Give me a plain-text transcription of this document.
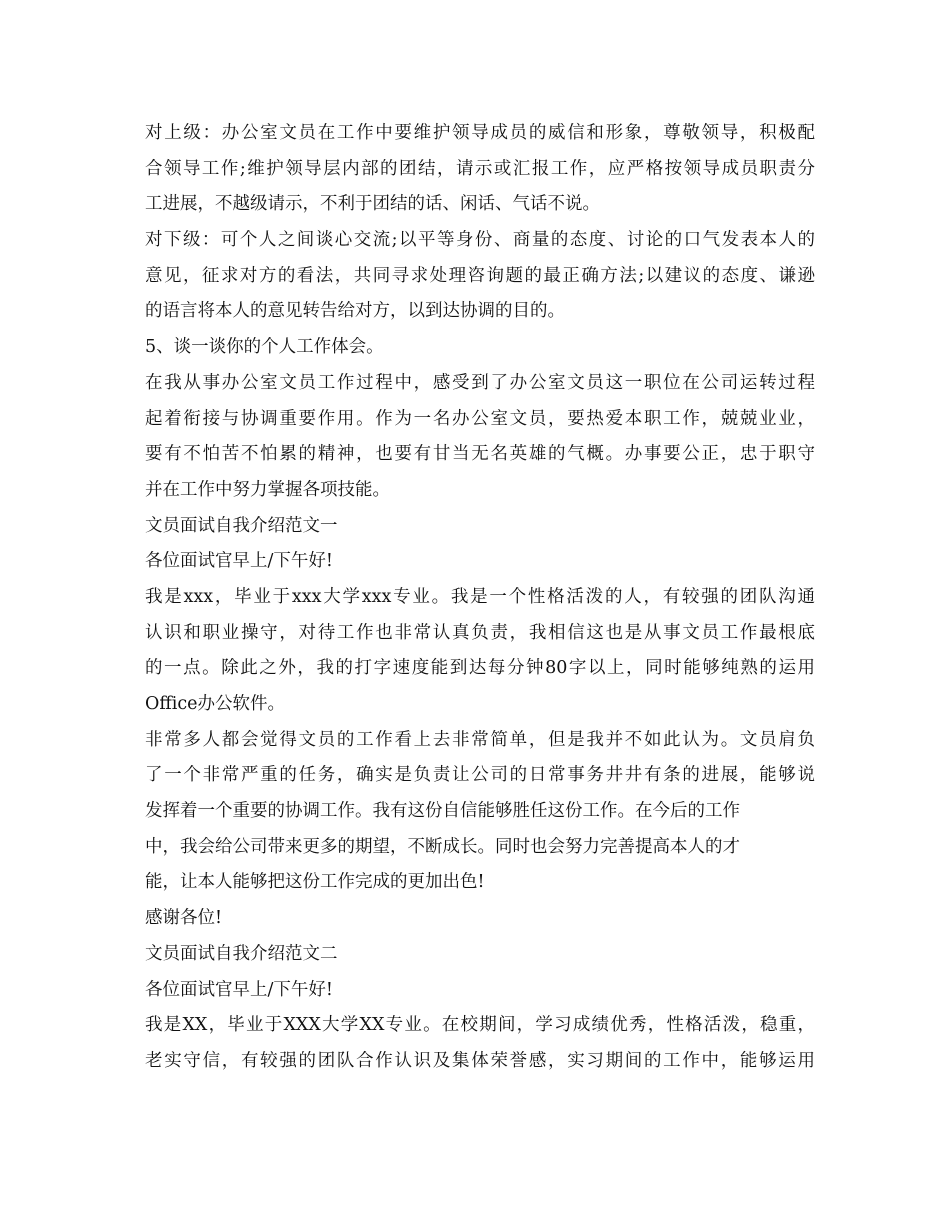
对上级：办公室文员在工作中要维护领导成员的威信和形象，尊敬领导，积极配
合领导工作;维护领导层内部的团结，请示或汇报工作，应严格按领导成员职责分
工进展，不越级请示，不利于团结的话、闲话、气话不说。
对下级：可个人之间谈心交流;以平等身份、商量的态度、讨论的口气发表本人的
意见，征求对方的看法，共同寻求处理咨询题的最正确方法;以建议的态度、谦逊
的语言将本人的意见转告给对方，以到达协调的目的。
5、谈一谈你的个人工作体会。
在我从事办公室文员工作过程中，感受到了办公室文员这一职位在公司运转过程
起着衔接与协调重要作用。作为一名办公室文员，要热爱本职工作，兢兢业业，
要有不怕苦不怕累的精神，也要有甘当无名英雄的气概。办事要公正，忠于职守
并在工作中努力掌握各项技能。
文员面试自我介绍范文一
各位面试官早上/下午好!
我是xxx，毕业于xxx大学xxx专业。我是一个性格活泼的人，有较强的团队沟通
认识和职业操守，对待工作也非常认真负责，我相信这也是从事文员工作最根底
的一点。除此之外，我的打字速度能到达每分钟80字以上，同时能够纯熟的运用
Office办公软件。
非常多人都会觉得文员的工作看上去非常简单，但是我并不如此认为。文员肩负
了一个非常严重的任务，确实是负责让公司的日常事务井井有条的进展，能够说
发挥着一个重要的协调工作。我有这份自信能够胜任这份工作。在今后的工作
中，我会给公司带来更多的期望，不断成长。同时也会努力完善提高本人的才
能，让本人能够把这份工作完成的更加出色!
感谢各位!
文员面试自我介绍范文二
各位面试官早上/下午好!
我是XX，毕业于XXX大学XX专业。在校期间，学习成绩优秀，性格活泼，稳重，
老实守信，有较强的团队合作认识及集体荣誉感，实习期间的工作中，能够运用
